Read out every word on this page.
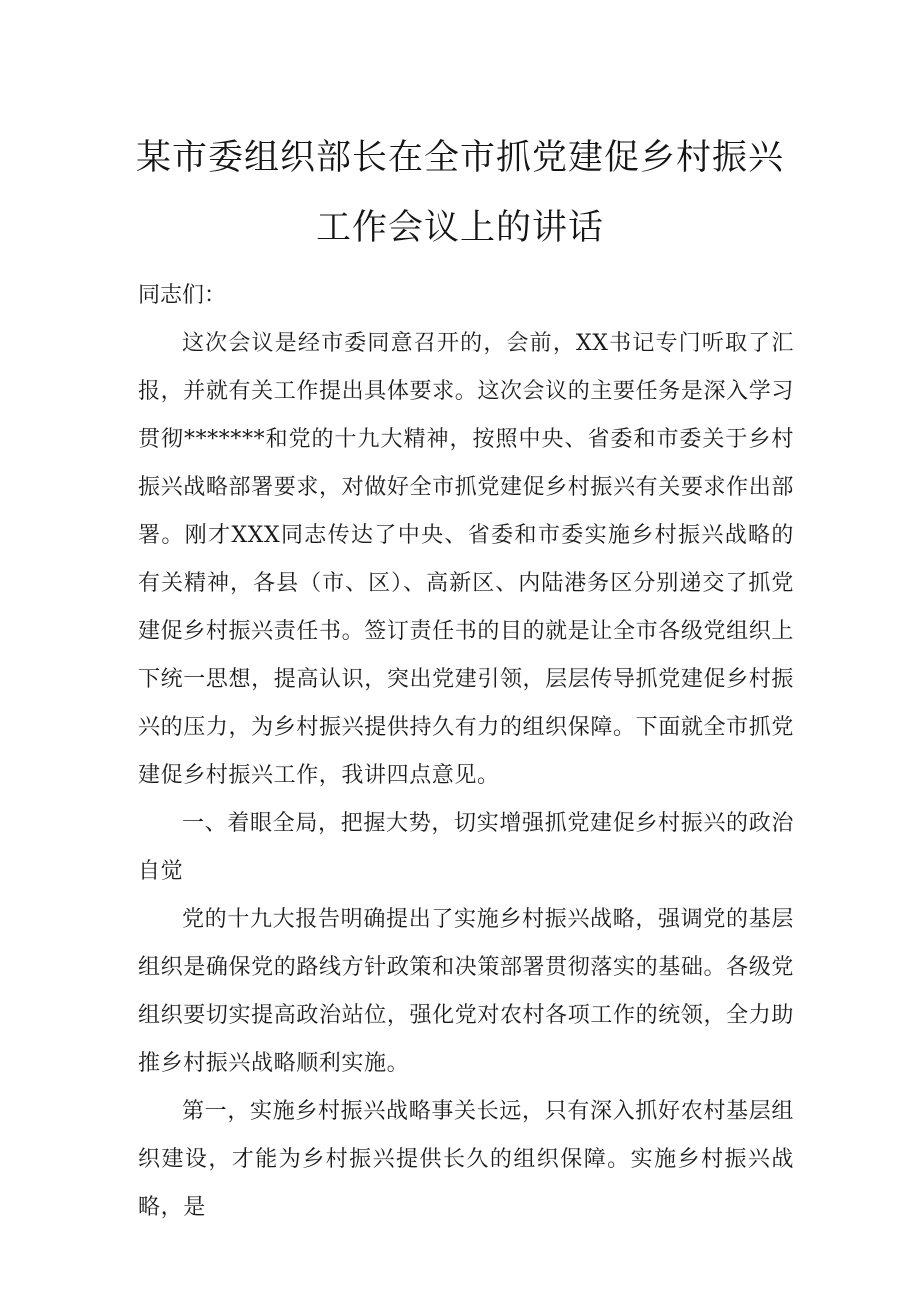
某市委组织部长在全市抓党建促乡村振兴
工作会议上的讲话
同志们：
这次会议是经市委同意召开的，会前，XX书记专门听取了汇报，并就有关工作提出具体要求。这次会议的主要任务是深入学习贯彻*******和党的十九大精神，按照中央、省委和市委关于乡村振兴战略部署要求，对做好全市抓党建促乡村振兴有关要求作出部署。刚才XXX同志传达了中央、省委和市委实施乡村振兴战略的有关精神，各县（市、区）、高新区、内陆港务区分别递交了抓党建促乡村振兴责任书。签订责任书的目的就是让全市各级党组织上下统一思想，提高认识，突出党建引领，层层传导抓党建促乡村振兴的压力，为乡村振兴提供持久有力的组织保障。下面就全市抓党建促乡村振兴工作，我讲四点意见。
一、着眼全局，把握大势，切实增强抓党建促乡村振兴的政治自觉
党的十九大报告明确提出了实施乡村振兴战略，强调党的基层组织是确保党的路线方针政策和决策部署贯彻落实的基础。各级党组织要切实提高政治站位，强化党对农村各项工作的统领，全力助推乡村振兴战略顺利实施。
第一，实施乡村振兴战略事关长远，只有深入抓好农村基层组织建设，才能为乡村振兴提供长久的组织保障。实施乡村振兴战略，是
